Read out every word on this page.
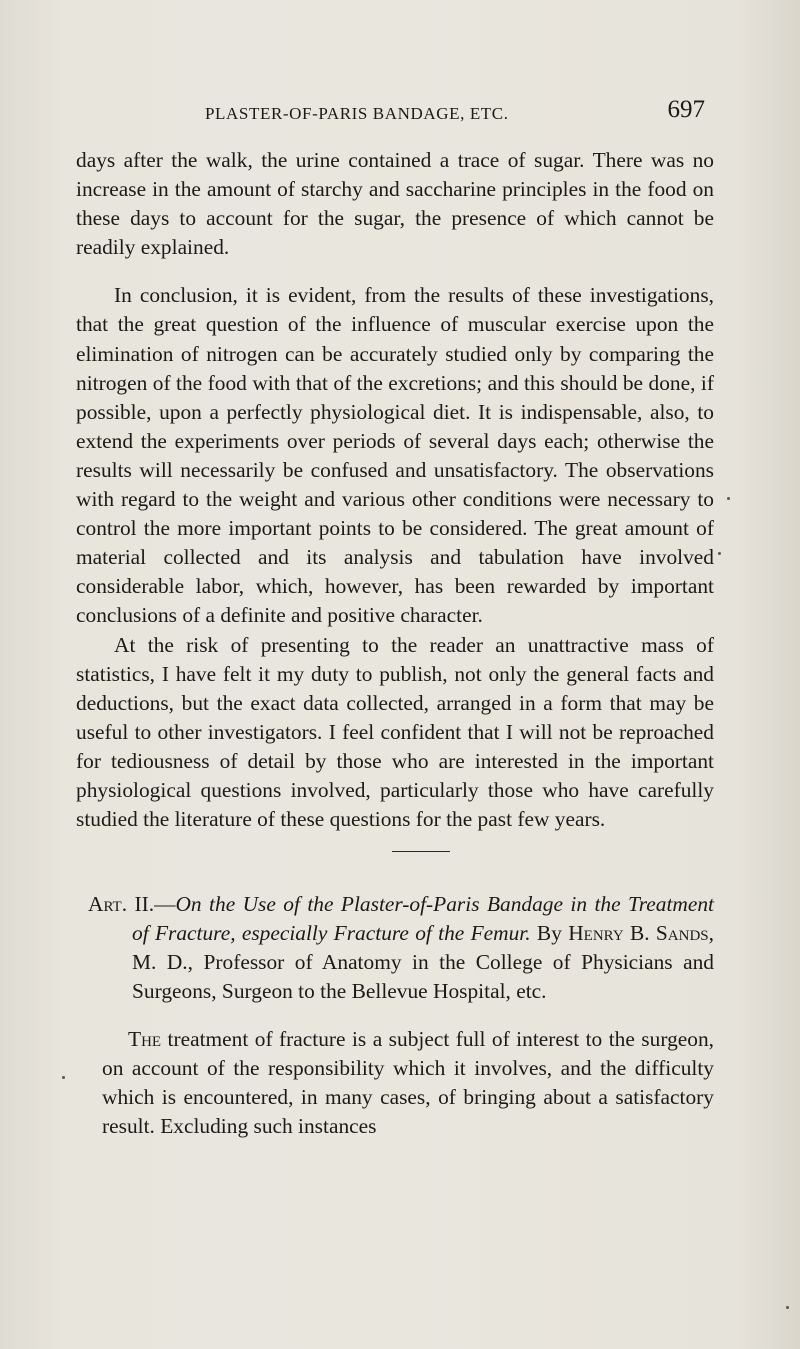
PLASTER-OF-PARIS BANDAGE, ETC.	697

days after the walk, the urine contained a trace of sugar. There was no increase in the amount of starchy and saccharine principles in the food on these days to account for the sugar, the presence of which cannot be readily explained.

In conclusion, it is evident, from the results of these investigations, that the great question of the influence of muscular exercise upon the elimination of nitrogen can be accurately studied only by comparing the nitrogen of the food with that of the excretions; and this should be done, if possible, upon a perfectly physiological diet. It is indispensable, also, to extend the experiments over periods of several days each; otherwise the results will necessarily be confused and unsatisfactory. The observations with regard to the weight and various other conditions were necessary to control the more important points to be considered. The great amount of material collected and its analysis and tabulation have involved considerable labor, which, however, has been rewarded by important conclusions of a definite and positive character.

At the risk of presenting to the reader an unattractive mass of statistics, I have felt it my duty to publish, not only the general facts and deductions, but the exact data collected, arranged in a form that may be useful to other investigators. I feel confident that I will not be reproached for tediousness of detail by those who are interested in the important physiological questions involved, particularly those who have carefully studied the literature of these questions for the past few years.

Art. II.—On the Use of the Plaster-of-Paris Bandage in the Treatment of Fracture, especially Fracture of the Femur. By Henry B. Sands, M. D., Professor of Anatomy in the College of Physicians and Surgeons, Surgeon to the Bellevue Hospital, etc.

The treatment of fracture is a subject full of interest to the surgeon, on account of the responsibility which it involves, and the difficulty which is encountered, in many cases, of bringing about a satisfactory result. Excluding such instances
